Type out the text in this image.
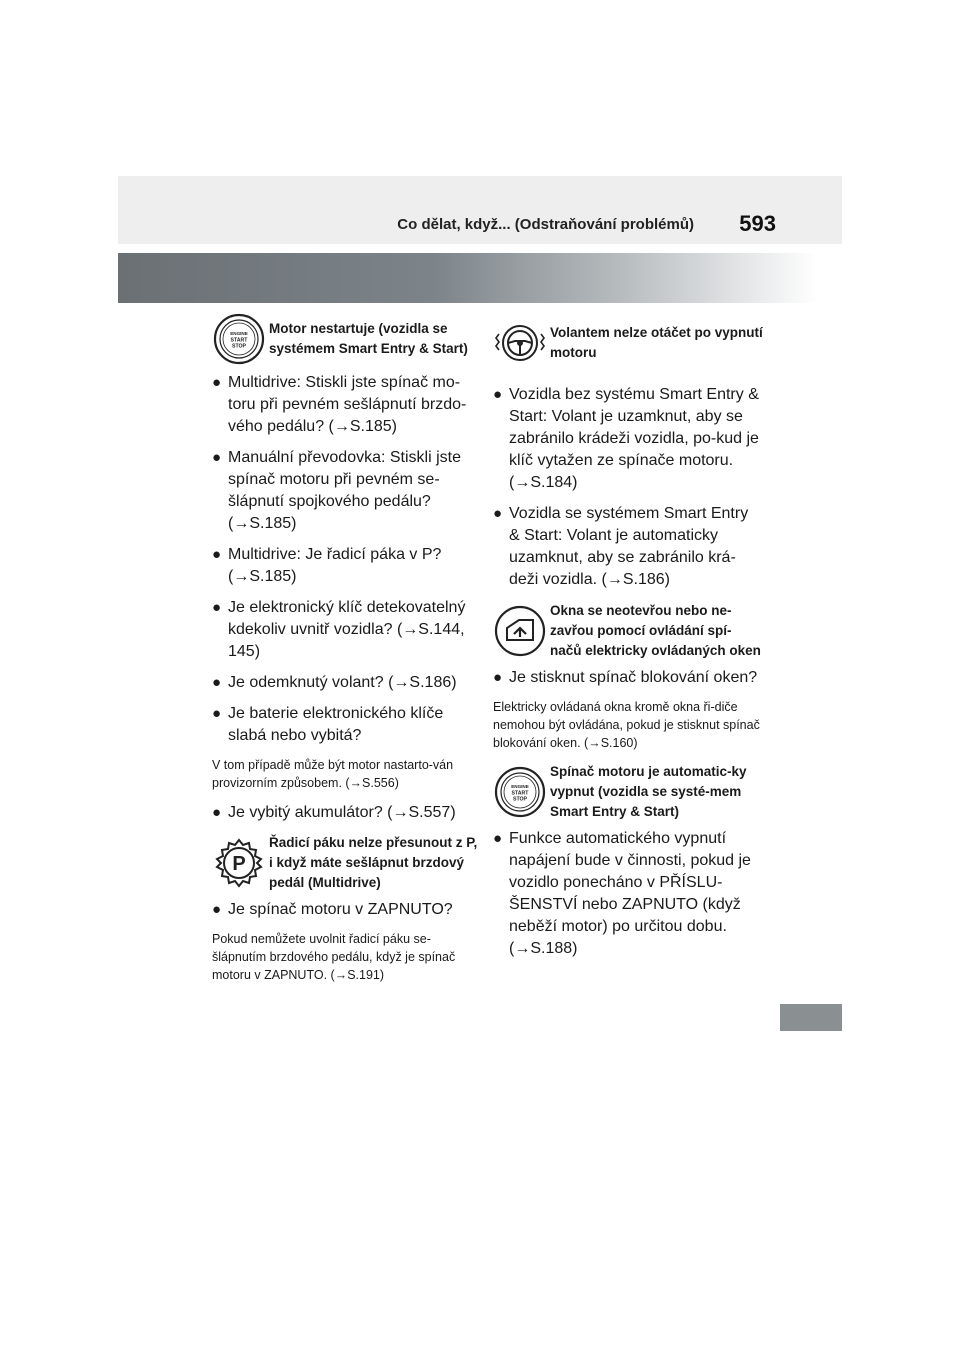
Co dělat, když... (Odstraňování problémů) 593
ENGINE
START
STOP
Motor nestartuje (vozidla se systémem Smart Entry & Start)
● Multidrive: Stiskli jste spínač mo-toru při pevném sešlápnutí brzdo-vého pedálu? (→S.185)
● Manuální převodovka: Stiskli jste spínač motoru při pevném se-šlápnutí spojkového pedálu? (→S.185)
● Multidrive: Je řadicí páka v P? (→S.185)
● Je elektronický klíč detekovatelný kdekoliv uvnitř vozidla? (→S.144, 145)
● Je odemknutý volant? (→S.186)
● Je baterie elektronického klíče slabá nebo vybitá?
V tom případě může být motor nastarto-ván provizorním způsobem. (→S.556)
● Je vybitý akumulátor? (→S.557)
P
Řadicí páku nelze přesunout z P, i když máte sešlápnut brzdový pedál (Multidrive)
● Je spínač motoru v ZAPNUTO?
Pokud nemůžete uvolnit řadicí páku se-šlápnutím brzdového pedálu, když je spínač motoru v ZAPNUTO. (→S.191)
Volantem nelze otáčet po vypnutí motoru
● Vozidla bez systému Smart Entry & Start: Volant je uzamknut, aby se zabránilo krádeži vozidla, po-kud je klíč vytažen ze spínače motoru. (→S.184)
● Vozidla se systémem Smart Entry & Start: Volant je automaticky uzamknut, aby se zabránilo krá-deži vozidla. (→S.186)
Okna se neotevřou nebo ne-zavřou pomocí ovládání spí-načů elektricky ovládaných oken
● Je stisknut spínač blokování oken?
Elektricky ovládaná okna kromě okna ři-diče nemohou být ovládána, pokud je stisknut spínač blokování oken. (→S.160)
ENGINE
START
STOP
Spínač motoru je automatic-ky vypnut (vozidla se systé-mem Smart Entry & Start)
● Funkce automatického vypnutí napájení bude v činnosti, pokud je vozidlo ponecháno v PŘÍSLU-ŠENSTVÍ nebo ZAPNUTO (když neběží motor) po určitou dobu. (→S.188)
